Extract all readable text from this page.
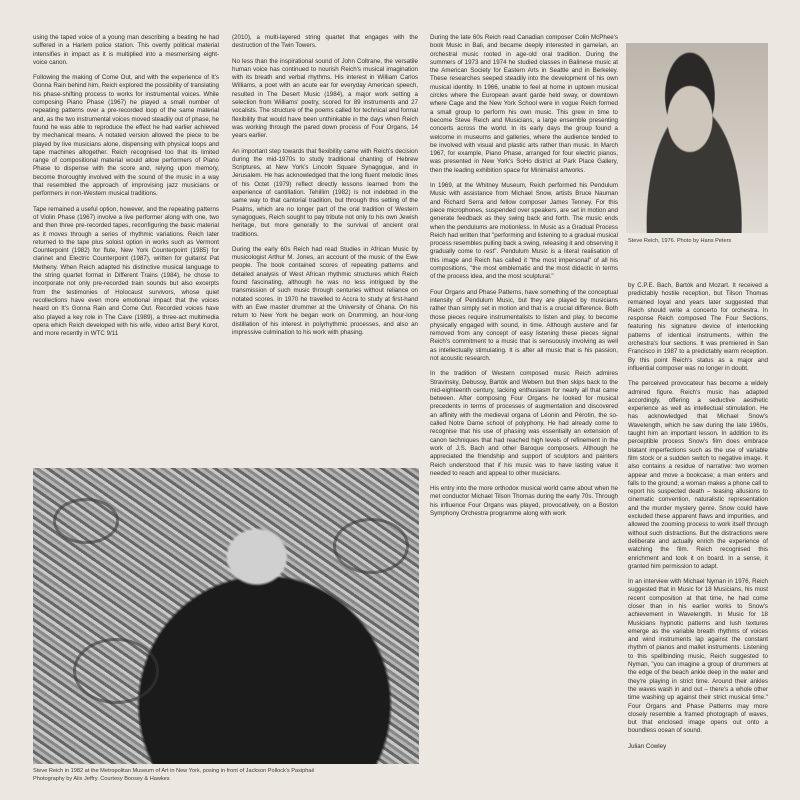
using the taped voice of a young man describing a beating he had suffered in a Harlem police station. This overtly political material intensifies in impact as it is multiplied into a mesmerising eight-voice canon.

Following the making of Come Out, and with the experience of It's Gonna Rain behind him, Reich explored the possibility of translating his phase-shifting process to works for instrumental voices. While composing Piano Phase (1967) he played a small number of repeating patterns over a pre-recorded loop of the same material and, as the two instrumental voices moved steadily out of phase, he found he was able to reproduce the effect he had earlier achieved by mechanical means. A notated version allowed the piece to be played by live musicians alone, dispensing with physical loops and tape machines altogether. Reich recognised too that its limited range of compositional material would allow performers of Piano Phase to dispense with the score and, relying upon memory, become thoroughly involved with the sound of the music in a way that resembled the approach of improvising jazz musicians or performers in non-Western musical traditions.

Tape remained a useful option, however, and the repeating patterns of Violin Phase (1967) involve a live performer along with one, two and then three pre-recorded tapes, reconfiguring the basic material as it moves through a series of rhythmic variations. Reich later returned to the tape plus soloist option in works such as Vermont Counterpoint (1982) for flute, New York Counterpoint (1985) for clarinet and Electric Counterpoint (1987), written for guitarist Pat Metheny. When Reich adapted his distinctive musical language to the string quartet format in Different Trains (1984), he chose to incorporate not only pre-recorded train sounds but also excerpts from the testimonies of Holocaust survivors, whose quiet recollections have even more emotional impact that the voices heard on It's Gonna Rain and Come Out. Recorded voices have also played a key role in The Cave (1989), a three-act multimedia opera which Reich developed with his wife, video artist Beryl Korot, and more recently in WTC 9/11

(2010), a multi-layered string quartet that engages with the destruction of the Twin Towers.

No less than the inspirational sound of John Coltrane, the versatile human voice has continued to nourish Reich's musical imagination with its breath and verbal rhythms. His interest in William Carlos Williams, a poet with an acute ear for everyday American speech, resulted in The Desert Music (1984), a major work setting a selection from Williams' poetry, scored for 89 instruments and 27 vocalists. The structure of the poems called for technical and formal flexibility that would have been unthinkable in the days when Reich was working through the pared down process of Four Organs, 14 years earlier.

An important step towards that flexibility came with Reich's decision during the mid-1970s to study traditional chanting of Hebrew Scriptures, at New York's Lincoln Square Synagogue, and in Jerusalem. He has acknowledged that the long fluent melodic lines of his Octet (1979) reflect directly lessons learned from the experience of cantillation. Tehillim (1982) is not indebted in the same way to that cantorial tradition, but through this setting of the Psalms, which are no longer part of the oral tradition of Western synagogues, Reich sought to pay tribute not only to his own Jewish heritage, but more generally to the survival of ancient oral traditions.

During the early 60s Reich had read Studies in African Music by musicologist Arthur M. Jones, an account of the music of the Ewe people. The book contained scores of repeating patterns and detailed analysis of West African rhythmic structures which Reich found fascinating, although he was no less intrigued by the transmission of such music through centuries without reliance on notated scores. In 1970 he travelled to Accra to study at first-hand with an Ewe master drummer at the University of Ghana. On his return to New York he began work on Drumming, an hour-long distillation of his interest in polyrhythmic processes, and also an impressive culmination to his work with phasing.

During the late 60s Reich read Canadian composer Colin McPhee's book Music in Bali, and became deeply interested in gamelan, an orchestral music rooted in age-old oral tradition. During the summers of 1973 and 1974 he studied classes in Balinese music at the American Society for Eastern Arts in Seattle and in Berkeley. These researches seeped steadily into the development of his own musical identity. In 1966, unable to feel at home in uptown musical circles where the European avant garde held sway, or downtown where Cage and the New York School were in vogue Reich formed a small group to perform his own music. This grew in time to become Steve Reich and Musicians, a large ensemble presenting concerts across the world. In its early days the group found a welcome in museums and galleries, where the audience tended to be involved with visual and plastic arts rather than music. In March 1967, for example, Piano Phase, arranged for four electric pianos, was presented in New York's SoHo district at Park Place Gallery, then the leading exhibition space for Minimalist artworks.

In 1969, at the Whitney Museum, Reich performed his Pendulum Music with assistance from Michael Snow, artists Bruce Nauman and Richard Serra and fellow composer James Tenney. For this piece microphones, suspended over speakers, are set in motion and generate feedback as they swing back and forth. The music ends when the pendulums are motionless. In Music as a Gradual Process Reich had written that "performing and listening to a gradual musical process resembles pulling back a swing, releasing it and observing it gradually come to rest". Pendulum Music is a literal realisation of this image and Reich has called it "the most impersonal" of all his compositions, "the most emblematic and the most didactic in terms of the process idea, and the most sculptural."

Four Organs and Phase Patterns, have something of the conceptual intensity of Pendulum Music, but they are played by musicians rather than simply set in motion and that is a crucial difference. Both those pieces require instrumentalists to listen and play, to become physically engaged with sound, in time. Although austere and far removed from any concept of easy listening these pieces signal Reich's commitment to a music that is sensuously involving as well as intellectually stimulating. It is after all music that is his passion, not acoustic research.

In the tradition of Western composed music Reich admires Stravinsky, Debussy, Bartók and Webern but then skips back to the mid-eighteenth century, lacking enthusiasm for nearly all that came between. After composing Four Organs he looked for musical precedents in terms of processes of augmentation and discovered an affinity with the medieval organa of Léonin and Pérotin, the so-called Notre Dame school of polyphony. He had already come to recognise that his use of phasing was essentially an extension of canon techniques that had reached high levels of refinement in the work of J.S. Bach and other Baroque composers. Although he appreciated the friendship and support of sculptors and painters Reich understood that if his music was to have lasting value it needed to reach and appeal to other musicians.

His entry into the more orthodox musical world came about when he met conductor Michael Tilson Thomas during the early 70s. Through his influence Four Organs was played, provocatively, on a Boston Symphony Orchestra programme along with work

by C.P.E. Bach, Bartók and Mozart. It received a predictably hostile reception, but Tilson Thomas remained loyal and years later suggested that Reich should write a concerto for orchestra. In response Reich composed The Four Sections, featuring his signature device of interlocking patterns of identical instruments, within the orchestra's four sections. It was premiered in San Francisco in 1987 to a predictably warm reception. By this point Reich's status as a major and influential composer was no longer in doubt.

The perceived provocateur has become a widely admired figure. Reich's music has adapted accordingly, offering a seductive aesthetic experience as well as intellectual stimulation. He has acknowledged that Michael Snow's Wavelength, which he saw during the late 1960s, taught him an important lesson. In addition to its perceptible process Snow's film does embrace blatant imperfections such as the use of variable film stock or a sudden switch to negative image. It also contains a residue of narrative: two women appear and move a bookcase; a man enters and falls to the ground; a woman makes a phone call to report his suspected death – teasing allusions to cinematic convention, naturalistic representation and the murder mystery genre. Snow could have excluded these apparent flaws and impurities, and allowed the zooming process to work itself through without such distractions. But the distractions were deliberate and actually enrich the experience of watching the film. Reich recognised this enrichment and took it on board. In a sense, it granted him permission to adapt.

In an interview with Michael Nyman in 1976, Reich suggested that in Music for 18 Musicians, his most recent composition at that time, he had come closer than in his earlier works to Snow's achievement in Wavelength. In Music for 18 Musicians hypnotic patterns and lush textures emerge as the variable breath rhythms of voices and wind instruments lap against the constant rhythm of pianos and mallet instruments. Listening to this spellbinding music, Reich suggested to Nyman, "you can imagine a group of drummers at the edge of the beach ankle deep in the water and they're playing in strict time. Around their ankles the waves wash in and out – there's a whole other time washing up against their strict musical time." Four Organs and Phase Patterns may more closely resemble a framed photograph of waves, but that enclosed image opens out onto a boundless ocean of sound.

Julian Cowley

Steve Reich in 1982 at the Metropolitan Museum of Art in New York, posing in front of Jackson Pollock's Pasiphaë
Photography by Alix Jeffry. Courtesy Boosey & Hawkes
Steve Reich, 1976. Photo by Hans Peters
